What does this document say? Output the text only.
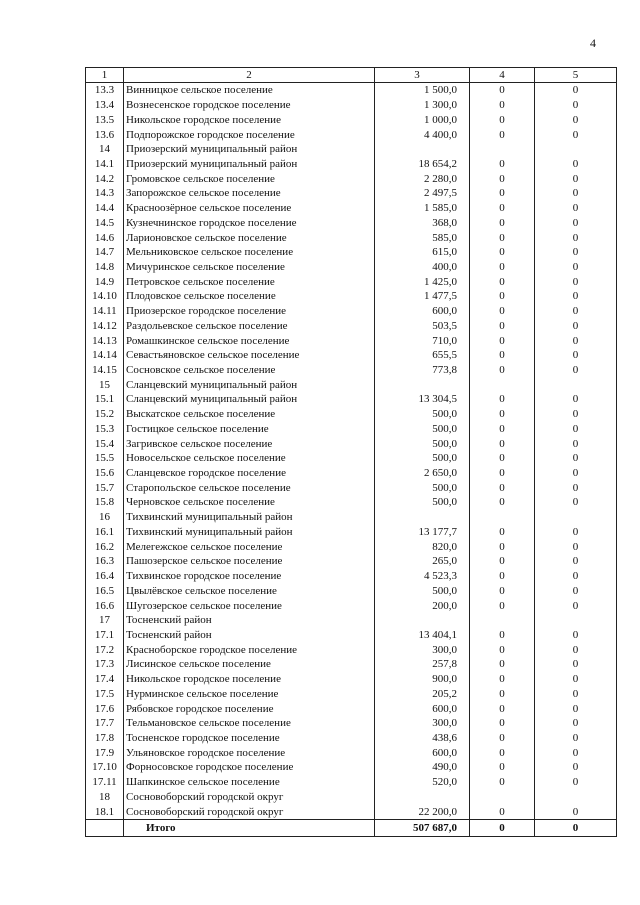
4
1	2	3	4	5
13.3	Винницкое сельское поселение	1 500,0	0	0
13.4	Вознесенское городское поселение	1 300,0	0	0
13.5	Никольское городское поселение	1 000,0	0	0
13.6	Подпорожское городское поселение	4 400,0	0	0
14	Приозерский муниципальный район			
14.1	Приозерский муниципальный район	18 654,2	0	0
14.2	Громовское сельское поселение	2 280,0	0	0
14.3	Запорожское сельское поселение	2 497,5	0	0
14.4	Красноозёрное сельское поселение	1 585,0	0	0
14.5	Кузнечнинское городское поселение	368,0	0	0
14.6	Ларионовское сельское поселение	585,0	0	0
14.7	Мельниковское сельское поселение	615,0	0	0
14.8	Мичуринское сельское поселение	400,0	0	0
14.9	Петровское сельское поселение	1 425,0	0	0
14.10	Плодовское сельское поселение	1 477,5	0	0
14.11	Приозерское городское поселение	600,0	0	0
14.12	Раздольевское сельское поселение	503,5	0	0
14.13	Ромашкинское сельское поселение	710,0	0	0
14.14	Севастьяновское сельское поселение	655,5	0	0
14.15	Сосновское сельское поселение	773,8	0	0
15	Сланцевский муниципальный район			
15.1	Сланцевский муниципальный район	13 304,5	0	0
15.2	Выскатское сельское поселение	500,0	0	0
15.3	Гостицкое сельское поселение	500,0	0	0
15.4	Загривское сельское поселение	500,0	0	0
15.5	Новосельское сельское поселение	500,0	0	0
15.6	Сланцевское городское поселение	2 650,0	0	0
15.7	Старопольское сельское поселение	500,0	0	0
15.8	Черновское сельское поселение	500,0	0	0
16	Тихвинский муниципальный район			
16.1	Тихвинский муниципальный район	13 177,7	0	0
16.2	Мелегежское сельское поселение	820,0	0	0
16.3	Пашозерское сельское поселение	265,0	0	0
16.4	Тихвинское городское поселение	4 523,3	0	0
16.5	Цвылёвское сельское поселение	500,0	0	0
16.6	Шугозерское сельское поселение	200,0	0	0
17	Тосненский район			
17.1	Тосненский район	13 404,1	0	0
17.2	Красноборское городское поселение	300,0	0	0
17.3	Лисинское сельское поселение	257,8	0	0
17.4	Никольское городское поселение	900,0	0	0
17.5	Нурминское сельское поселение	205,2	0	0
17.6	Рябовское городское поселение	600,0	0	0
17.7	Тельмановское сельское поселение	300,0	0	0
17.8	Тосненское городское поселение	438,6	0	0
17.9	Ульяновское городское поселение	600,0	0	0
17.10	Форносовское городское поселение	490,0	0	0
17.11	Шапкинское сельское поселение	520,0	0	0
18	Сосновоборский городской округ			
18.1	Сосновоборский городской округ	22 200,0	0	0
	Итого	507 687,0	0	0
